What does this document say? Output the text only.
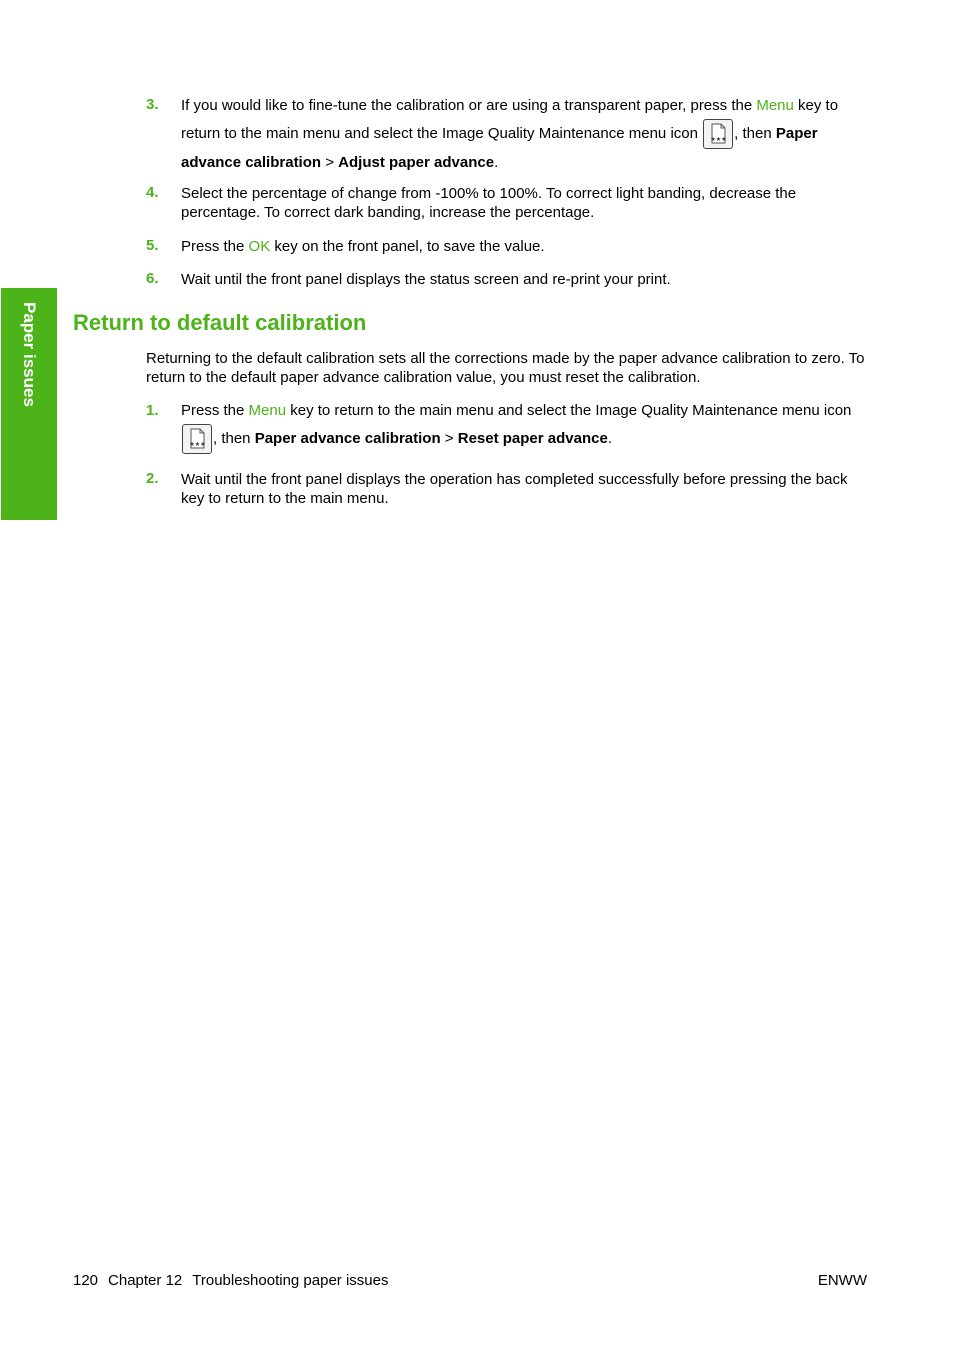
Paper issues
3. If you would like to fine-tune the calibration or are using a transparent paper, press the Menu key to return to the main menu and select the Image Quality Maintenance menu icon ★★★ , then Paper advance calibration > Adjust paper advance.
4. Select the percentage of change from -100% to 100%. To correct light banding, decrease the percentage. To correct dark banding, increase the percentage.
5. Press the OK key on the front panel, to save the value.
6. Wait until the front panel displays the status screen and re-print your print.
Return to default calibration
Returning to the default calibration sets all the corrections made by the paper advance calibration to zero. To return to the default paper advance calibration value, you must reset the calibration.
1. Press the Menu key to return to the main menu and select the Image Quality Maintenance menu icon
★★★ , then Paper advance calibration > Reset paper advance.
2. Wait until the front panel displays the operation has completed successfully before pressing the back key to return to the main menu.
120 Chapter 12 Troubleshooting paper issues	ENWW
